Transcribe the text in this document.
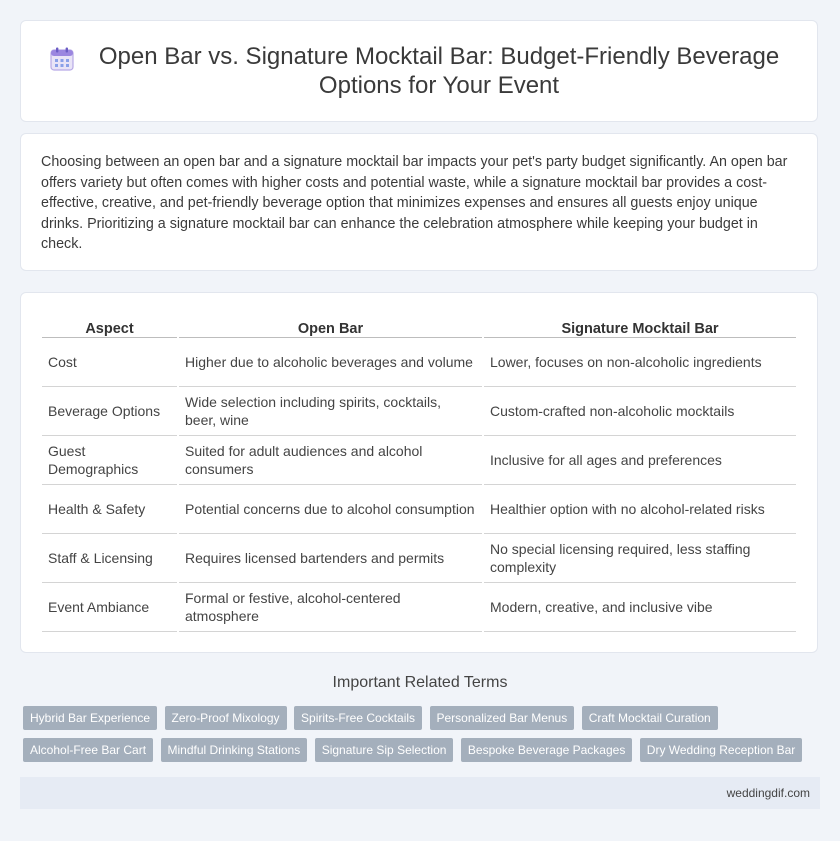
Open Bar vs. Signature Mocktail Bar: Budget-Friendly Beverage Options for Your Event

Choosing between an open bar and a signature mocktail bar impacts your pet's party budget significantly. An open bar offers variety but often comes with higher costs and potential waste, while a signature mocktail bar provides a cost-effective, creative, and pet-friendly beverage option that minimizes expenses and ensures all guests enjoy unique drinks. Prioritizing a signature mocktail bar can enhance the celebration atmosphere while keeping your budget in check.

Aspect	Open Bar	Signature Mocktail Bar
Cost	Higher due to alcoholic beverages and volume	Lower, focuses on non-alcoholic ingredients
Beverage Options	Wide selection including spirits, cocktails, beer, wine	Custom-crafted non-alcoholic mocktails
Guest Demographics	Suited for adult audiences and alcohol consumers	Inclusive for all ages and preferences
Health & Safety	Potential concerns due to alcohol consumption	Healthier option with no alcohol-related risks
Staff & Licensing	Requires licensed bartenders and permits	No special licensing required, less staffing complexity
Event Ambiance	Formal or festive, alcohol-centered atmosphere	Modern, creative, and inclusive vibe
Important Related Terms
Hybrid Bar Experience Zero-Proof Mixology Spirits-Free Cocktails Personalized Bar Menus Craft Mocktail Curation
Alcohol-Free Bar Cart Mindful Drinking Stations Signature Sip Selection Bespoke Beverage Packages Dry Wedding Reception Bar
weddingdif.com
